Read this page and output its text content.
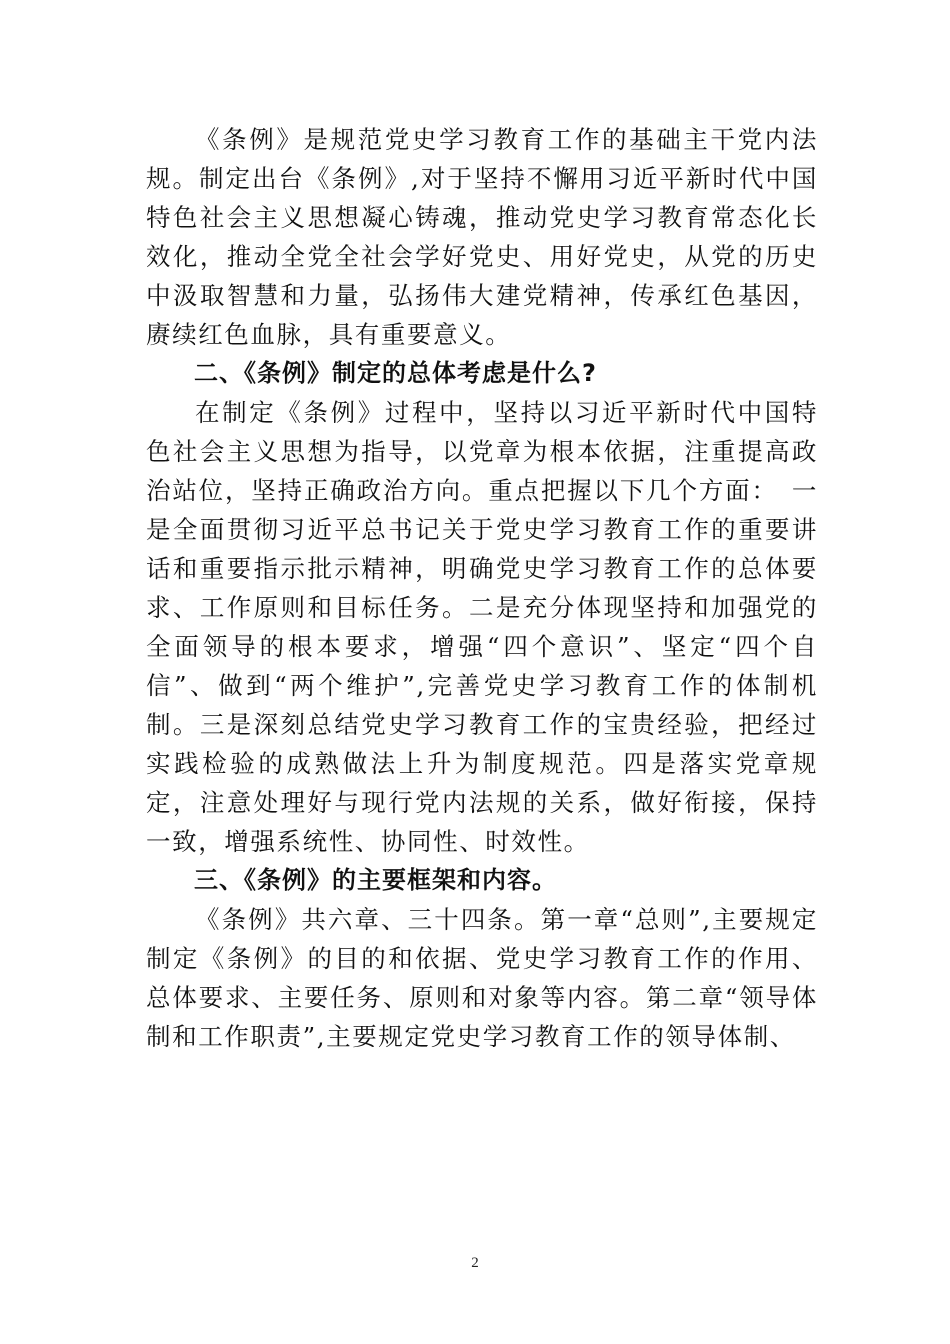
《条例》是规范党史学习教育工作的基础主干党内法规。制定出台《条例》,对于坚持不懈用习近平新时代中国特色社会主义思想凝心铸魂，推动党史学习教育常态化长效化，推动全党全社会学好党史、用好党史，从党的历史中汲取智慧和力量，弘扬伟大建党精神，传承红色基因，赓续红色血脉，具有重要意义。

二、《条例》制定的总体考虑是什么?

在制定《条例》过程中，坚持以习近平新时代中国特色社会主义思想为指导，以党章为根本依据，注重提高政治站位，坚持正确政治方向。重点把握以下几个方面：　一是全面贯彻习近平总书记关于党史学习教育工作的重要讲话和重要指示批示精神，明确党史学习教育工作的总体要求、工作原则和目标任务。二是充分体现坚持和加强党的全面领导的根本要求，增强“四个意识”、坚定“四个自信”、做到“两个维护”,完善党史学习教育工作的体制机制。三是深刻总结党史学习教育工作的宝贵经验，把经过实践检验的成熟做法上升为制度规范。四是落实党章规定，注意处理好与现行党内法规的关系，做好衔接，保持一致，增强系统性、协同性、时效性。

三、《条例》的主要框架和内容。

《条例》共六章、三十四条。第一章“总则”,主要规定制定《条例》的目的和依据、党史学习教育工作的作用、总体要求、主要任务、原则和对象等内容。第二章“领导体制和工作职责”,主要规定党史学习教育工作的领导体制、

2
